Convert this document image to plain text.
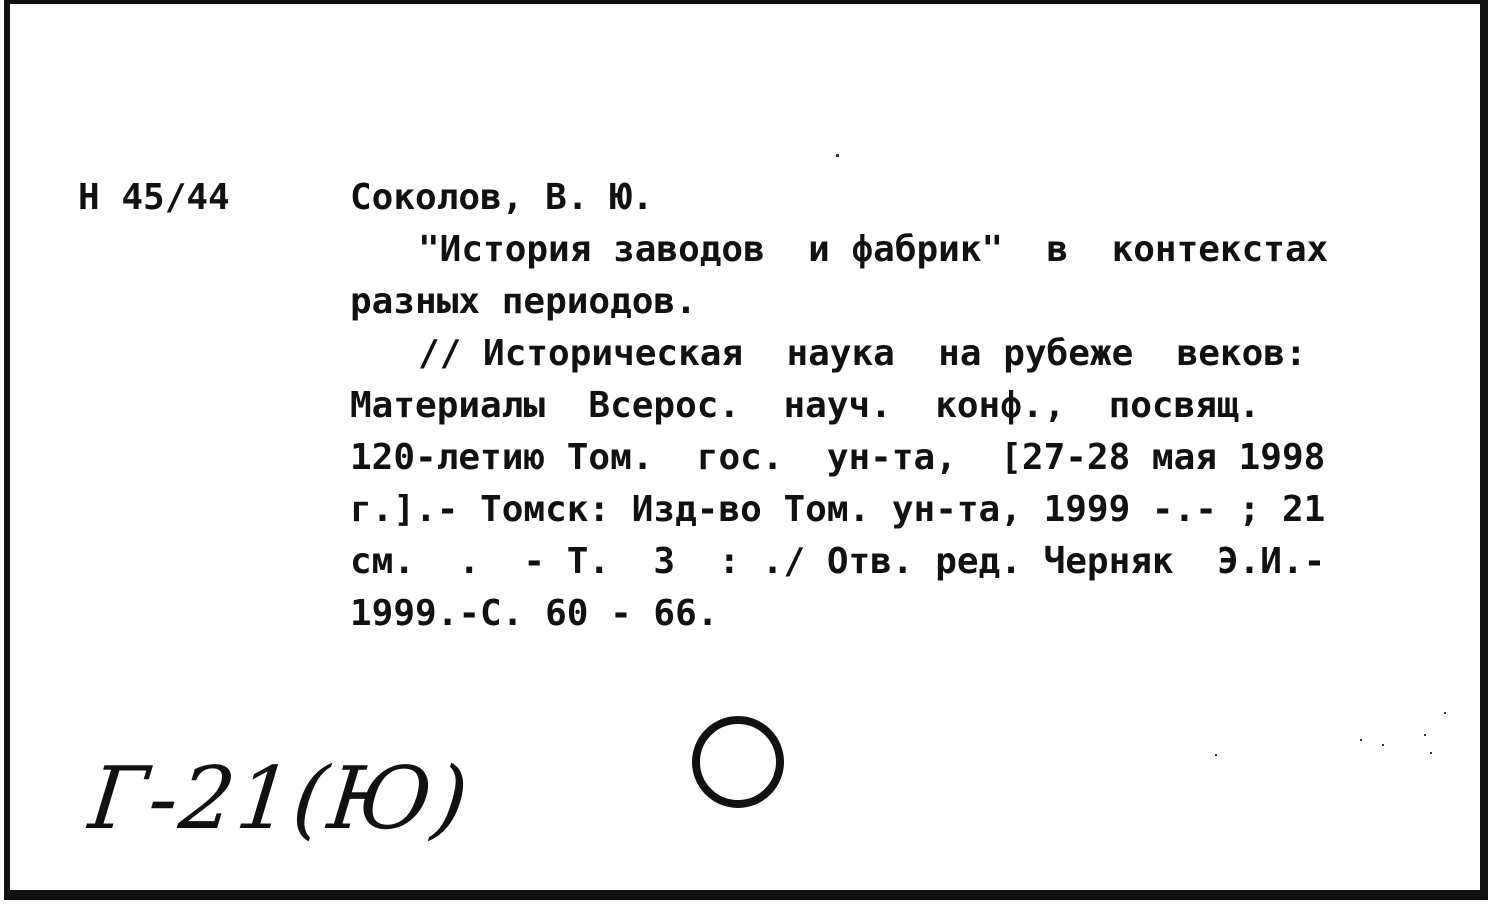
Н 45/44	Соколов, В. Ю.
"История заводов  и фабрик"  в  контекстах
разных периодов.
// Историческая  наука  на рубеже  веков:
Материалы  Всерос.  науч.  конф.,  посвящ.
120-летию Том.  гос.  ун-та,  [27-28 мая 1998
г.].- Томск: Изд-во Том. ун-та, 1999 -.- ; 21
см.  .  - Т.  3  : ./ Отв. ред. Черняк  Э.И.-
1999.-С. 60 - 66.
Г-21(Ю)
